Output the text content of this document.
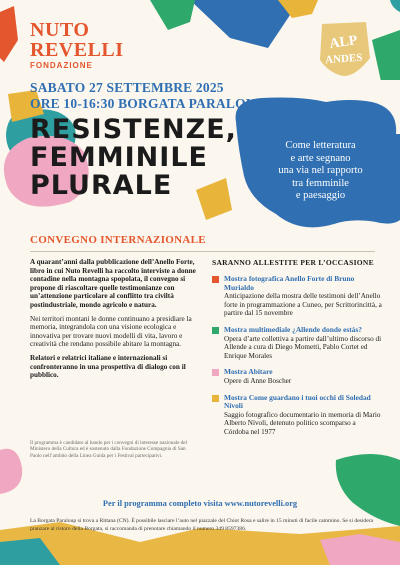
NUTO
REVELLI
FONDAZIONE
ALP
ANDES
SABATO 27 SETTEMBRE 2025
ORE 10-16:30 BORGATA PARALOUP
RESISTENZE,
FEMMINILE
PLURALE
Come letteratura
e arte segnano
una via nel rapporto
tra femminile
e paesaggio
CONVEGNO INTERNAZIONALE

A quarant’anni dalla pubblicazione dell’Anello Forte, libro in cui Nuto Revelli ha raccolto interviste a donne contadine nella montagna spopolata, il convegno si propone di riascoltare quelle testimonianze con un’attenzione particolare al conflitto tra civiltà postindustriale, mondo agricolo e natura.

Nei territori montani le donne continuano a presidiare la memoria, integrandola con una visione ecologica e innovativa per trovare nuovi modelli di vita, lavoro e creatività che rendano possibile abitare la montagna.

Relatori e relatrici italiane e internazionali si confronteranno in una prospettiva di dialogo con il pubblico.

Il programma è candidato al bando per i convegni di interesse nazionale del Ministero della Cultura ed è sostenuto dalla Fondazione Compagnia di San Paolo nell’ambito della Linea Guida per i Festival partecipativi.

SARANNO ALLESTITE PER L’OCCASIONE
Mostra fotografica Anello Forte di Bruno Murialdo
Anticipazione della mostra delle testimoni dell’Anello forte in programmazione a Cuneo, per Scrittorincittà, a partire dal 15 novembre
Mostra multimediale ¿Allende donde estás?
Opera d’arte collettiva a partire dall’ultimo discorso di Allende a cura di Diego Mometti, Pablo Cortet ed Enrique Morales
Mostra Abitare
Opere di Anne Boscher
Mostra Come guardano i tuoi occhi di Soledad Nívoli
Saggio fotografico documentario in memoria di Mario Alberto Nívoli, detenuto politico scomparso a Córdoba nel 1977
Per il programma completo visita www.nutorevelli.org
La Borgata Paraloup si trova a Rittana (CN). È possibile lasciare l’auto nel piazzale del Chiot Rosa e salire in 15 minuti di facile cammino. Se si desidera pranzare al ristoro della Borgata, si raccomanda di prenotare chiamando il numero 349 8597386.
